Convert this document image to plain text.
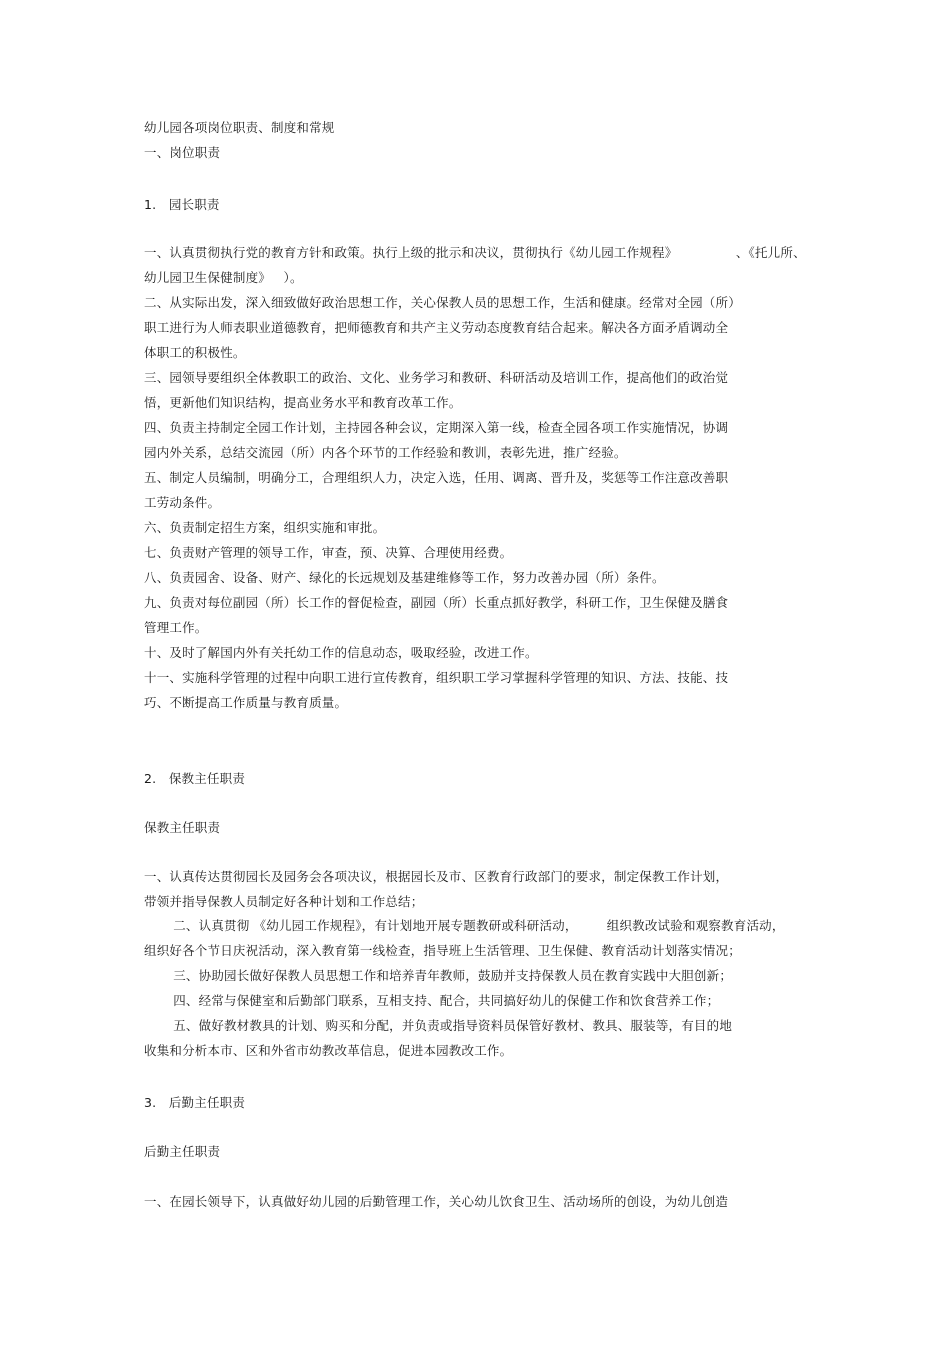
幼儿园各项岗位职责、制度和常规
一、岗位职责
1.   园长职责
一、认真贯彻执行党的教育方针和政策。执行上级的批示和决议，贯彻执行《幼儿园工作规程》              、《托儿所、
幼儿园卫生保健制度》   ）。
二、从实际出发，深入细致做好政治思想工作，关心保教人员的思想工作，生活和健康。经常对全园（所）
职工进行为人师表职业道德教育，把师德教育和共产主义劳动态度教育结合起来。解决各方面矛盾调动全
体职工的积极性。
三、园领导要组织全体教职工的政治、文化、业务学习和教研、科研活动及培训工作，提高他们的政治觉
悟，更新他们知识结构，提高业务水平和教育改革工作。
四、负责主持制定全园工作计划，主持园各种会议，定期深入第一线，检查全园各项工作实施情况，协调
园内外关系，总结交流园（所）内各个环节的工作经验和教训，表彰先进，推广经验。
五、制定人员编制，明确分工，合理组织人力，决定入选，任用、调离、晋升及，奖惩等工作注意改善职
工劳动条件。
六、负责制定招生方案，组织实施和审批。
七、负责财产管理的领导工作，审查，预、决算、合理使用经费。
八、负责园舍、设备、财产、绿化的长远规划及基建维修等工作，努力改善办园（所）条件。
九、负责对每位副园（所）长工作的督促检查，副园（所）长重点抓好教学，科研工作，卫生保健及膳食
管理工作。
十、及时了解国内外有关托幼工作的信息动态，吸取经验，改进工作。
十一、实施科学管理的过程中向职工进行宣传教育，组织职工学习掌握科学管理的知识、方法、技能、技
巧、不断提高工作质量与教育质量。
2.   保教主任职责
保教主任职责
一、认真传达贯彻园长及园务会各项决议，根据园长及市、区教育行政部门的要求，制定保教工作计划，
带领并指导保教人员制定好各种计划和工作总结；
二、认真贯彻 《幼儿园工作规程》，有计划地开展专题教研或科研活动，       组织教改试验和观察教育活动，
组织好各个节日庆祝活动，深入教育第一线检查，指导班上生活管理、卫生保健、教育活动计划落实情况；
三、协助园长做好保教人员思想工作和培养青年教师，鼓励并支持保教人员在教育实践中大胆创新；
四、经常与保健室和后勤部门联系，互相支持、配合，共同搞好幼儿的保健工作和饮食营养工作；
五、做好教材教具的计划、购买和分配，并负责或指导资料员保管好教材、教具、服装等，有目的地
收集和分析本市、区和外省市幼教改革信息，促进本园教改工作。
3.   后勤主任职责
后勤主任职责
一、在园长领导下，认真做好幼儿园的后勤管理工作，关心幼儿饮食卫生、活动场所的创设，为幼儿创造
